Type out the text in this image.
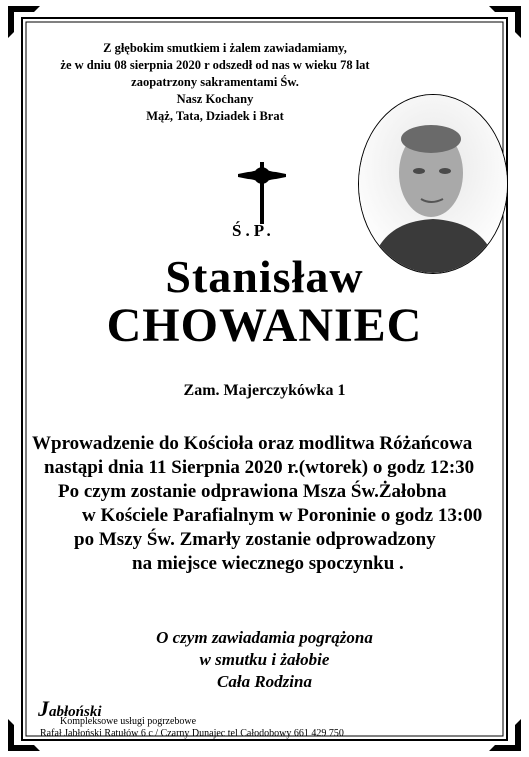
Z głębokim smutkiem i żalem zawiadamiamy,
że w dniu 08 sierpnia 2020 r odszedł od nas w wieku 78 lat
zaopatrzony sakramentami Św.
Nasz Kochany
Mąż, Tata, Dziadek i Brat
Ś.P.
Stanisław
CHOWANIEC
Zam. Majerczykówka 1
Wprowadzenie do Kościoła oraz modlitwa Różańcowa
nastąpi dnia 11 Sierpnia 2020 r.(wtorek) o godz 12:30
Po czym zostanie odprawiona Msza Św.Żałobna
w Kościele Parafialnym w Poroninie o godz 13:00
po Mszy Św. Zmarły zostanie odprowadzony
na miejsce wiecznego spoczynku .
O czym zawiadamia pogrążona
w smutku i żałobie
Cała Rodzina
Jabłoński
Kompleksowe usługi pogrzebowe
Rafał Jabłoński Ratułów 6 c / Czarny Dunajec tel Całodobowy 661 429 750
